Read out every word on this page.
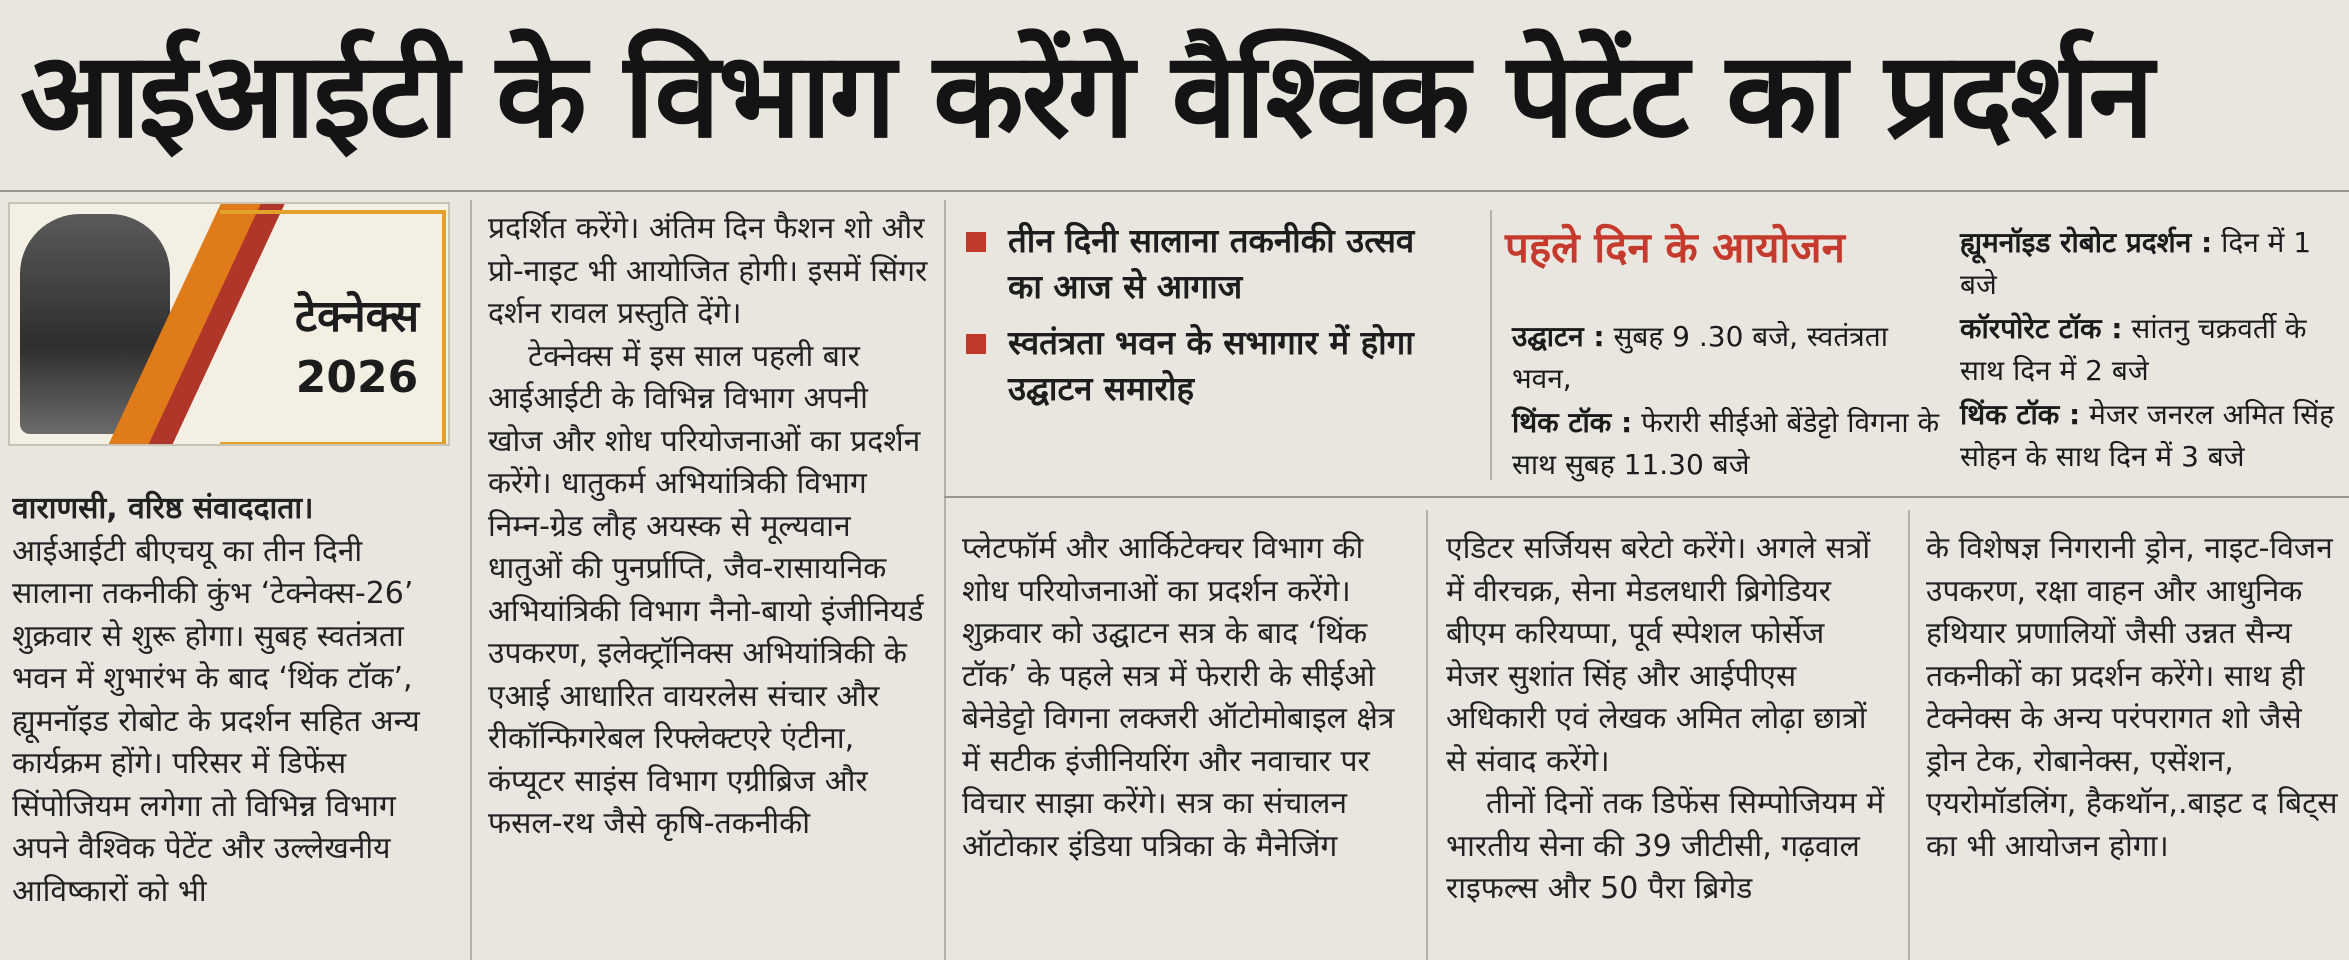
आईआईटी के विभाग करेंगे वैश्विक पेटेंट का प्रदर्शन
टेक्नेक्स
2026

वाराणसी, वरिष्ठ संवाददाता।

आईआईटी बीएचयू का तीन दिनी सालाना तकनीकी कुंभ ‘टेक्नेक्स-26’ शुक्रवार से शुरू होगा। सुबह स्वतंत्रता भवन में शुभारंभ के बाद ‘थिंक टॉक’, ह्यूमनॉइड रोबोट के प्रदर्शन सहित अन्य कार्यक्रम होंगे। परिसर में डिफेंस सिंपोजियम लगेगा तो विभिन्न विभाग अपने वैश्विक पेटेंट और उल्लेखनीय आविष्कारों को भी

प्रदर्शित करेंगे। अंतिम दिन फैशन शो और प्रो-नाइट भी आयोजित होगी। इसमें सिंगर दर्शन रावल प्रस्तुति देंगे।

टेक्नेक्स में इस साल पहली बार आईआईटी के विभिन्न विभाग अपनी खोज और शोध परियोजनाओं का प्रदर्शन करेंगे। धातुकर्म अभियांत्रिकी विभाग निम्न-ग्रेड लौह अयस्क से मूल्यवान धातुओं की पुनर्प्राप्ति, जैव-रासायनिक अभियांत्रिकी विभाग नैनो-बायो इंजीनियर्ड उपकरण, इलेक्ट्रॉनिक्स अभियांत्रिकी के एआई आधारित वायरलेस संचार और रीकॉन्फिगरेबल रिफ्लेक्टएरे एंटीना, कंप्यूटर साइंस विभाग एग्रीब्रिज और फसल-रथ जैसे कृषि-तकनीकी

तीन दिनी सालाना तकनीकी उत्सव का आज से आगाज
स्वतंत्रता भवन के सभागार में होगा उद्घाटन समारोह
पहले दिन के आयोजन

उद्घाटन : सुबह 9 .30 बजे, स्वतंत्रता भवन,

थिंक टॉक : फेरारी सीईओ बेंडेट्टो विगना के साथ सुबह 11.30 बजे

ह्यूमनॉइड रोबोट प्रदर्शन : दिन में 1 बजे

कॉरपोरेट टॉक : सांतनु चक्रवर्ती के साथ दिन में 2 बजे

थिंक टॉक : मेजर जनरल अमित सिंह सोहन के साथ दिन में 3 बजे

प्लेटफॉर्म और आर्किटेक्चर विभाग की शोध परियोजनाओं का प्रदर्शन करेंगे। शुक्रवार को उद्घाटन सत्र के बाद ‘थिंक टॉक’ के पहले सत्र में फेरारी के सीईओ बेनेडेट्टो विगना लक्जरी ऑटोमोबाइल क्षेत्र में सटीक इंजीनियरिंग और नवाचार पर विचार साझा करेंगे। सत्र का संचालन ऑटोकार इंडिया पत्रिका के मैनेजिंग

एडिटर सर्जियस बरेटो करेंगे। अगले सत्रों में वीरचक्र, सेना मेडलधारी ब्रिगेडियर बीएम करियप्पा, पूर्व स्पेशल फोर्सेज मेजर सुशांत सिंह और आईपीएस अधिकारी एवं लेखक अमित लोढ़ा छात्रों से संवाद करेंगे।

तीनों दिनों तक डिफेंस सिम्पोजियम में भारतीय सेना की 39 जीटीसी, गढ़वाल राइफल्स और 50 पैरा ब्रिगेड

के विशेषज्ञ निगरानी ड्रोन, नाइट-विजन उपकरण, रक्षा वाहन और आधुनिक हथियार प्रणालियों जैसी उन्नत सैन्य तकनीकों का प्रदर्शन करेंगे। साथ ही टेक्नेक्स के अन्य परंपरागत शो जैसे ड्रोन टेक, रोबानेक्स, एसेंशन, एयरोमॉडलिंग, हैकथॉन,.बाइट द बिट्स का भी आयोजन होगा।
